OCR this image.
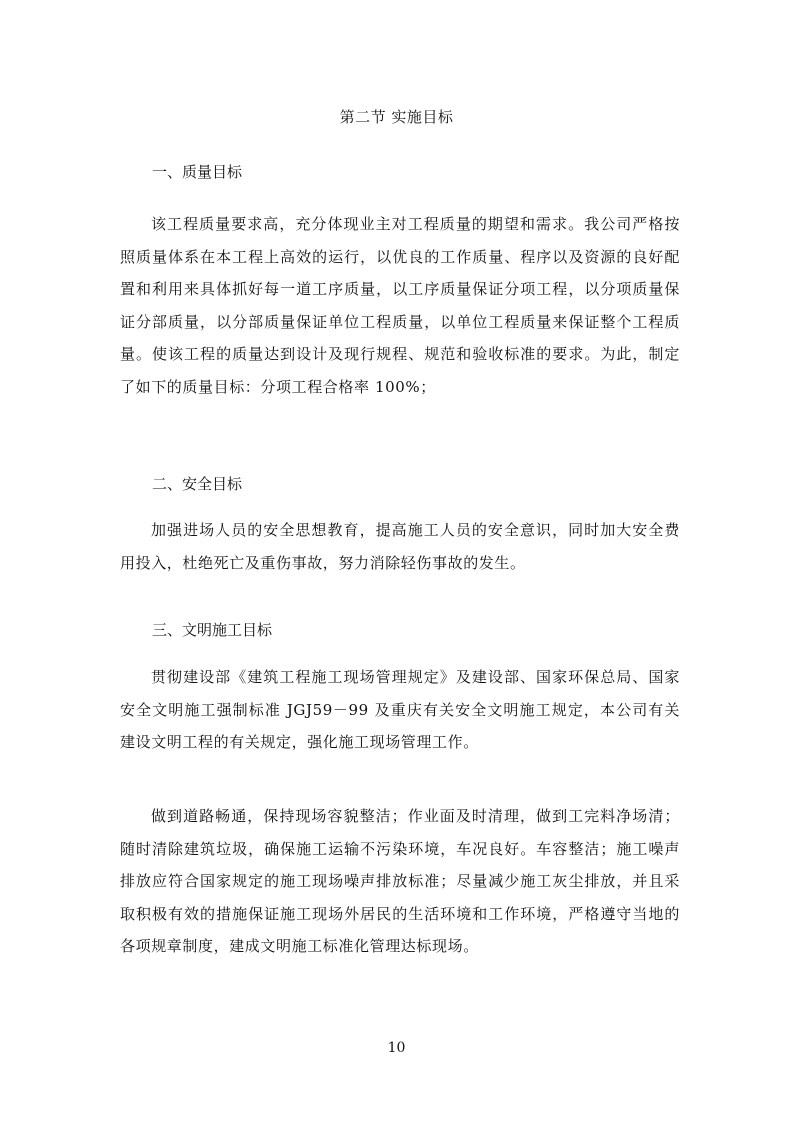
第二节 实施目标
一、质量目标

该工程质量要求高，充分体现业主对工程质量的期望和需求。我公司严格按照质量体系在本工程上高效的运行，以优良的工作质量、程序以及资源的良好配置和利用来具体抓好每一道工序质量，以工序质量保证分项工程，以分项质量保证分部质量，以分部质量保证单位工程质量，以单位工程质量来保证整个工程质量。使该工程的质量达到设计及现行规程、规范和验收标准的要求。为此，制定了如下的质量目标：分项工程合格率 100%；

二、安全目标

加强进场人员的安全思想教育，提高施工人员的安全意识，同时加大安全费用投入，杜绝死亡及重伤事故，努力消除轻伤事故的发生。

三、文明施工目标

贯彻建设部《建筑工程施工现场管理规定》及建设部、国家环保总局、国家安全文明施工强制标准 JGJ59－99 及重庆有关安全文明施工规定，本公司有关建设文明工程的有关规定，强化施工现场管理工作。

做到道路畅通，保持现场容貌整洁；作业面及时清理，做到工完料净场清；随时清除建筑垃圾，确保施工运输不污染环境，车况良好。车容整洁；施工噪声排放应符合国家规定的施工现场噪声排放标准；尽量减少施工灰尘排放，并且采取积极有效的措施保证施工现场外居民的生活环境和工作环境，严格遵守当地的各项规章制度，建成文明施工标准化管理达标现场。

10
